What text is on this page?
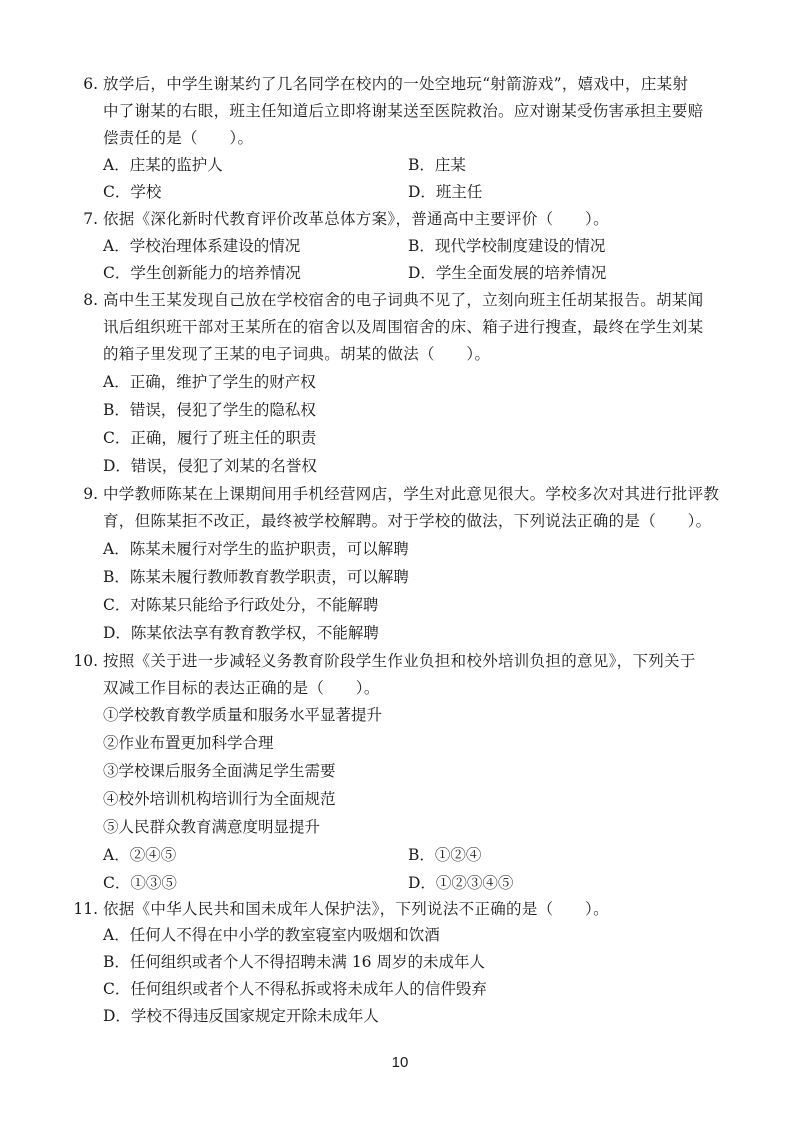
6. 放学后，中学生谢某约了几名同学在校内的一处空地玩“射箭游戏”，嬉戏中，庄某射
中了谢某的右眼，班主任知道后立即将谢某送至医院救治。应对谢某受伤害承担主要赔
偿责任的是（　　）。
A．庄某的监护人	B．庄某
C．学校	D．班主任
7. 依据《深化新时代教育评价改革总体方案》，普通高中主要评价（　　）。
A．学校治理体系建设的情况	B．现代学校制度建设的情况
C．学生创新能力的培养情况	D．学生全面发展的培养情况
8. 高中生王某发现自己放在学校宿舍的电子词典不见了，立刻向班主任胡某报告。胡某闻
讯后组织班干部对王某所在的宿舍以及周围宿舍的床、箱子进行搜查，最终在学生刘某
的箱子里发现了王某的电子词典。胡某的做法（　　）。
A．正确，维护了学生的财产权
B．错误，侵犯了学生的隐私权
C．正确，履行了班主任的职责
D．错误，侵犯了刘某的名誉权
9. 中学教师陈某在上课期间用手机经营网店，学生对此意见很大。学校多次对其进行批评教
育，但陈某拒不改正，最终被学校解聘。对于学校的做法，下列说法正确的是（　　）。
A．陈某未履行对学生的监护职责，可以解聘
B．陈某未履行教师教育教学职责，可以解聘
C．对陈某只能给予行政处分，不能解聘
D．陈某依法享有教育教学权，不能解聘
10. 按照《关于进一步减轻义务教育阶段学生作业负担和校外培训负担的意见》，下列关于
双减工作目标的表达正确的是（　　）。
①学校教育教学质量和服务水平显著提升
②作业布置更加科学合理
③学校课后服务全面满足学生需要
④校外培训机构培训行为全面规范
⑤人民群众教育满意度明显提升
A．②④⑤	B．①②④
C．①③⑤	D．①②③④⑤
11. 依据《中华人民共和国未成年人保护法》，下列说法不正确的是（　　）。
A．任何人不得在中小学的教室寝室内吸烟和饮酒
B．任何组织或者个人不得招聘未满 16 周岁的未成年人
C．任何组织或者个人不得私拆或将未成年人的信件毁弃
D．学校不得违反国家规定开除未成年人
10
